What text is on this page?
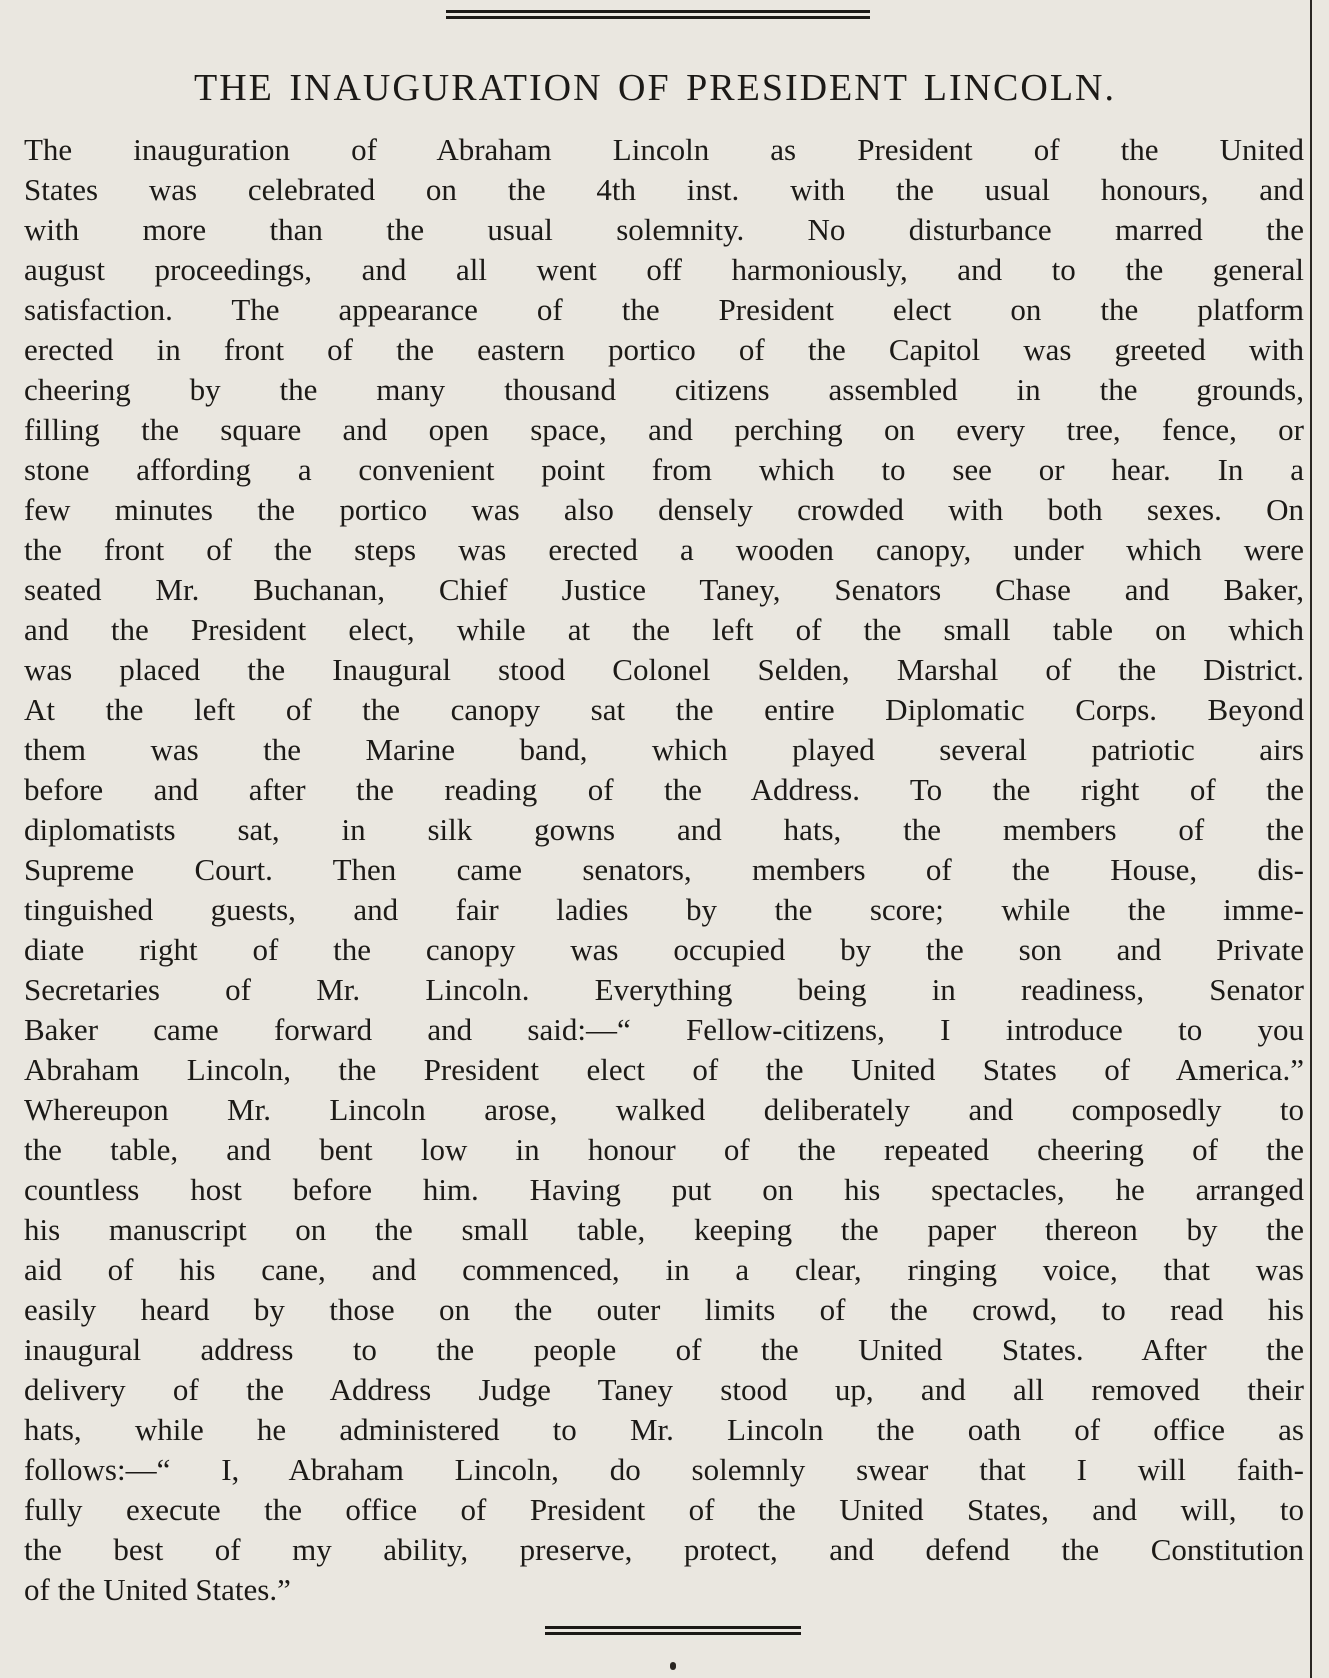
THE INAUGURATION OF PRESIDENT LINCOLN.
The inauguration of Abraham Lincoln as President of the United
States was celebrated on the 4th inst. with the usual honours, and
with more than the usual solemnity. No disturbance marred the
august proceedings, and all went off harmoniously, and to the general
satisfaction. The appearance of the President elect on the platform
erected in front of the eastern portico of the Capitol was greeted with
cheering by the many thousand citizens assembled in the grounds,
filling the square and open space, and perching on every tree, fence, or
stone affording a convenient point from which to see or hear. In a
few minutes the portico was also densely crowded with both sexes. On
the front of the steps was erected a wooden canopy, under which were
seated Mr. Buchanan, Chief Justice Taney, Senators Chase and Baker,
and the President elect, while at the left of the small table on which
was placed the Inaugural stood Colonel Selden, Marshal of the District.
At the left of the canopy sat the entire Diplomatic Corps. Beyond
them was the Marine band, which played several patriotic airs
before and after the reading of the Address. To the right of the
diplomatists sat, in silk gowns and hats, the members of the
Supreme Court. Then came senators, members of the House, dis-
tinguished guests, and fair ladies by the score; while the imme-
diate right of the canopy was occupied by the son and Private
Secretaries of Mr. Lincoln. Everything being in readiness, Senator
Baker came forward and said:—“ Fellow-citizens, I introduce to you
Abraham Lincoln, the President elect of the United States of America.”
Whereupon Mr. Lincoln arose, walked deliberately and composedly to
the table, and bent low in honour of the repeated cheering of the
countless host before him. Having put on his spectacles, he arranged
his manuscript on the small table, keeping the paper thereon by the
aid of his cane, and commenced, in a clear, ringing voice, that was
easily heard by those on the outer limits of the crowd, to read his
inaugural address to the people of the United States. After the
delivery of the Address Judge Taney stood up, and all removed their
hats, while he administered to Mr. Lincoln the oath of office as
follows:—“ I, Abraham Lincoln, do solemnly swear that I will faith-
fully execute the office of President of the United States, and will, to
the best of my ability, preserve, protect, and defend the Constitution
of the United States.”
